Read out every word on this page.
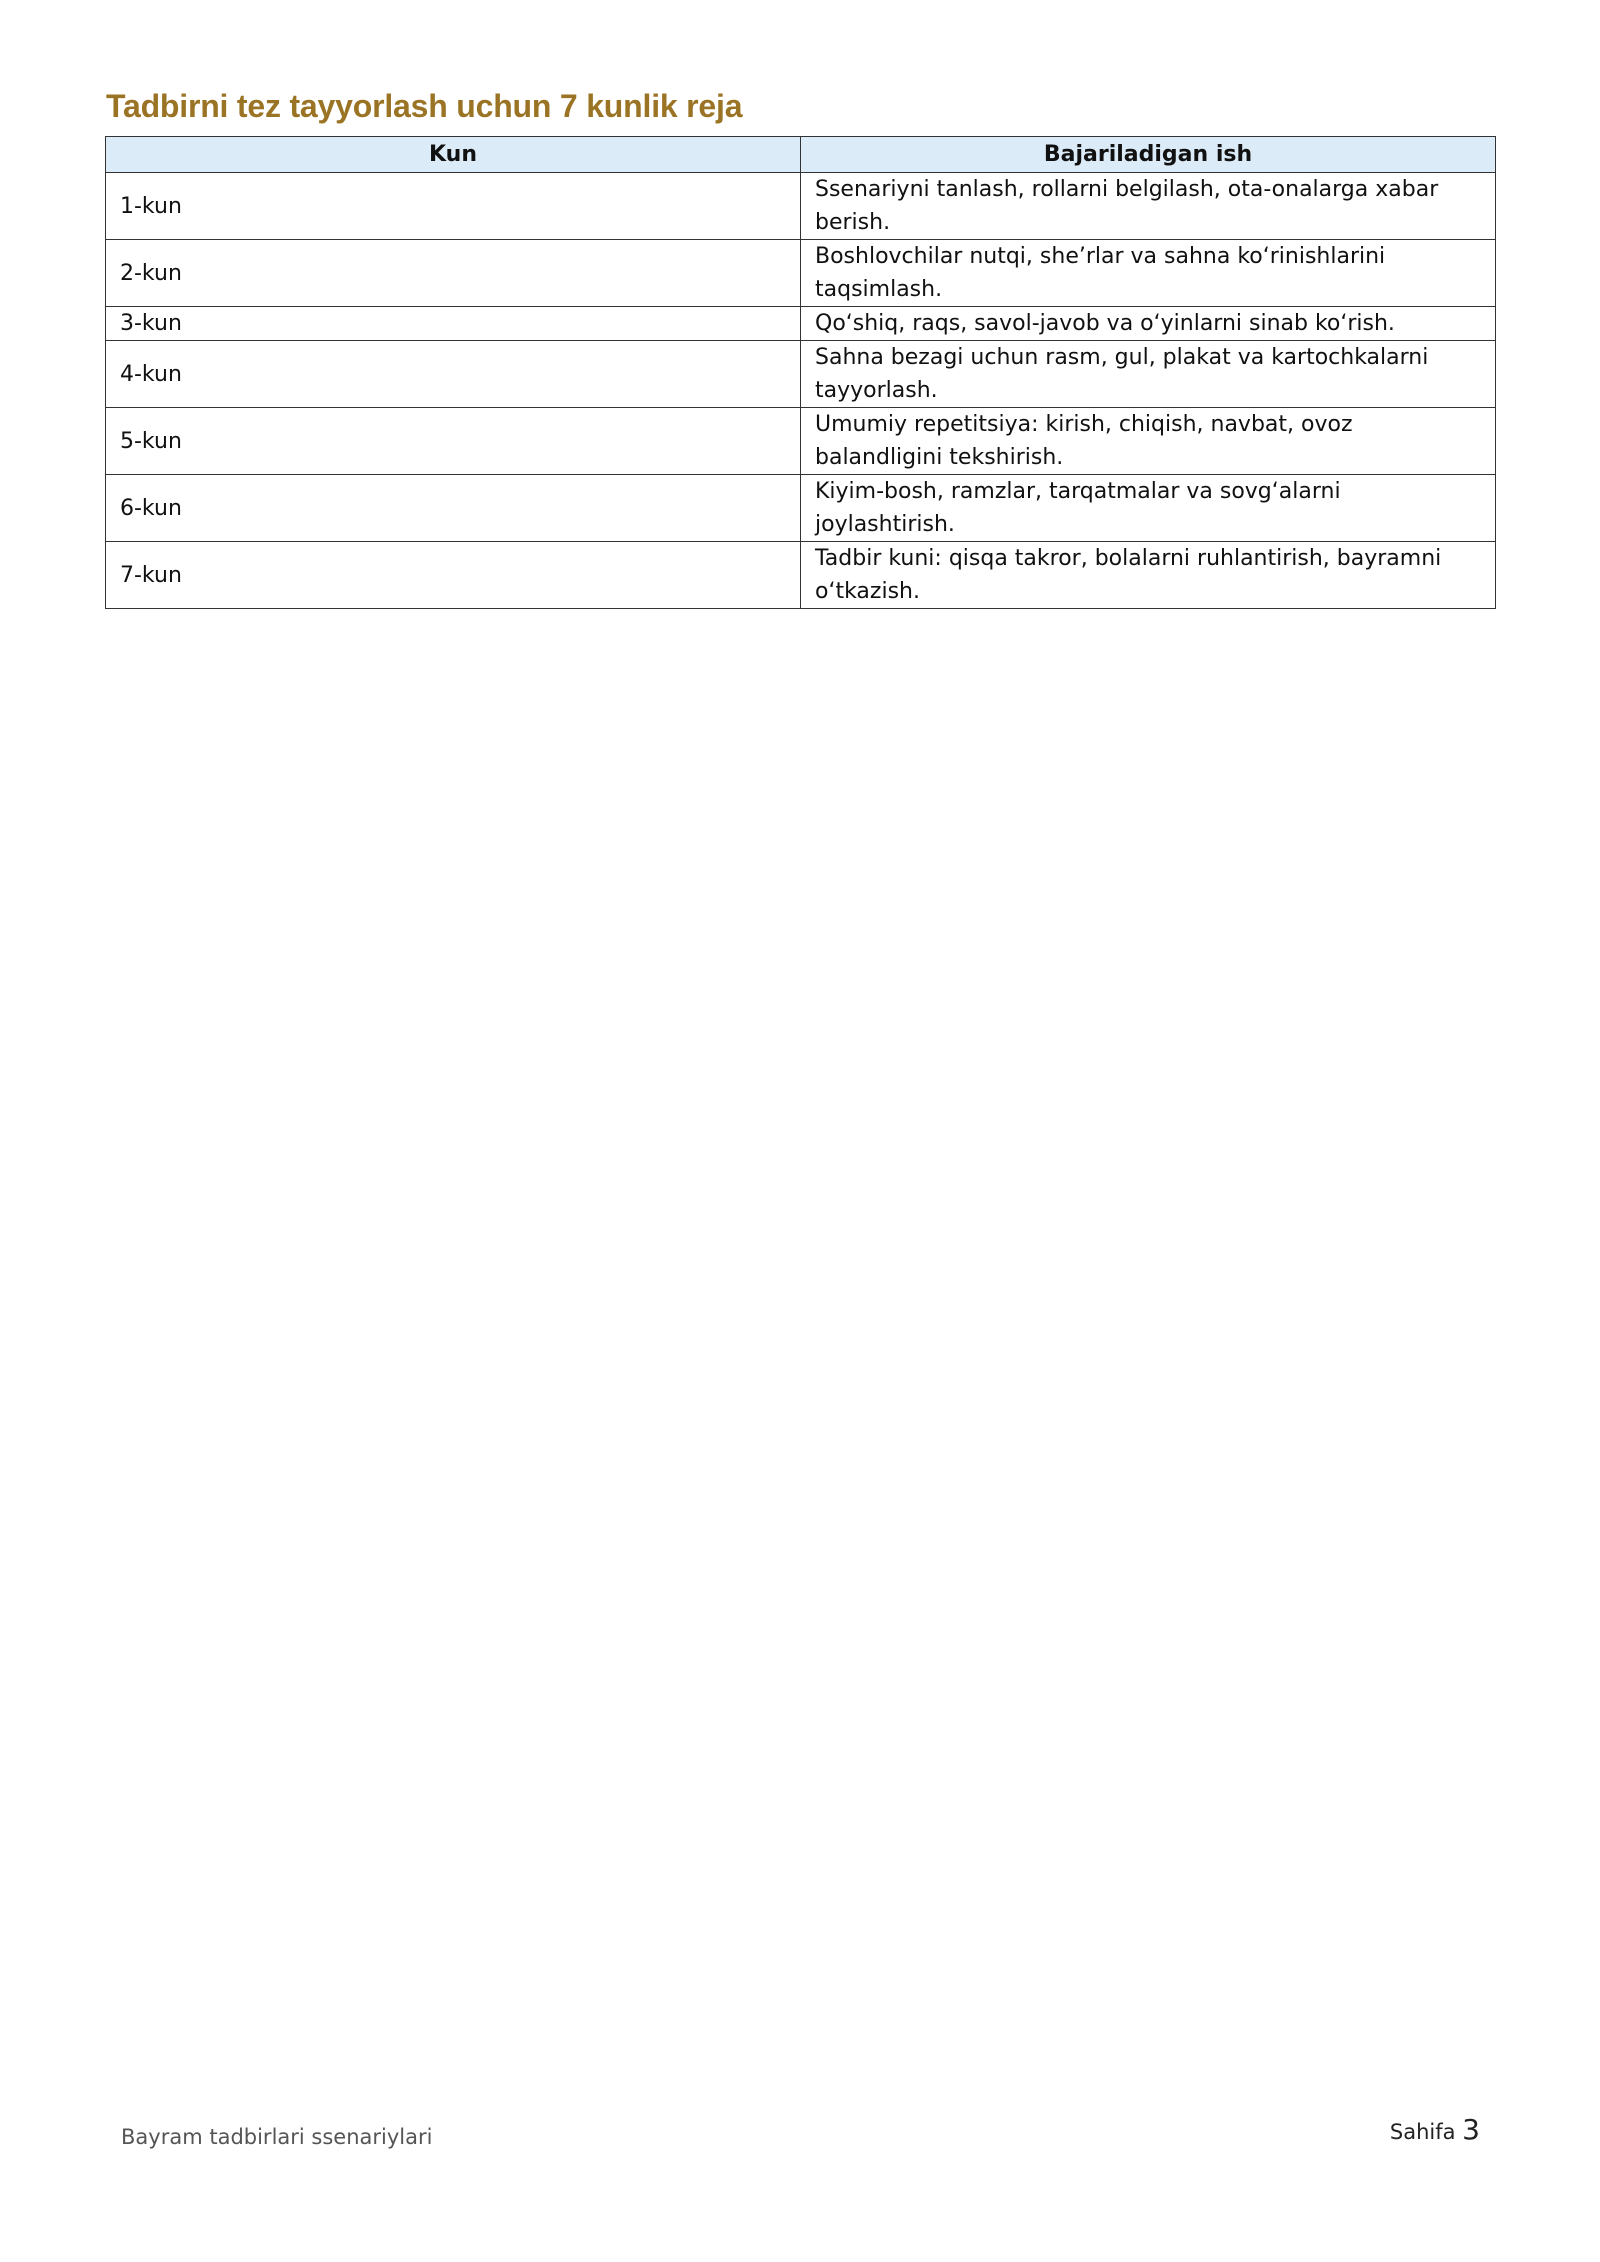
Tadbirni tez tayyorlash uchun 7 kunlik reja
Kun	Bajariladigan ish
1-kun	Ssenariyni tanlash, rollarni belgilash, ota-onalarga xabar berish.
2-kun	Boshlovchilar nutqi, she’rlar va sahna ko‘rinishlarini taqsimlash.
3-kun	Qo‘shiq, raqs, savol-javob va o‘yinlarni sinab ko‘rish.
4-kun	Sahna bezagi uchun rasm, gul, plakat va kartochkalarni tayyorlash.
5-kun	Umumiy repetitsiya: kirish, chiqish, navbat, ovoz balandligini tekshirish.
6-kun	Kiyim-bosh, ramzlar, tarqatmalar va sovg‘alarni joylashtirish.
7-kun	Tadbir kuni: qisqa takror, bolalarni ruhlantirish, bayramni o‘tkazish.
Bayram tadbirlari ssenariylari	Sahifa 3
